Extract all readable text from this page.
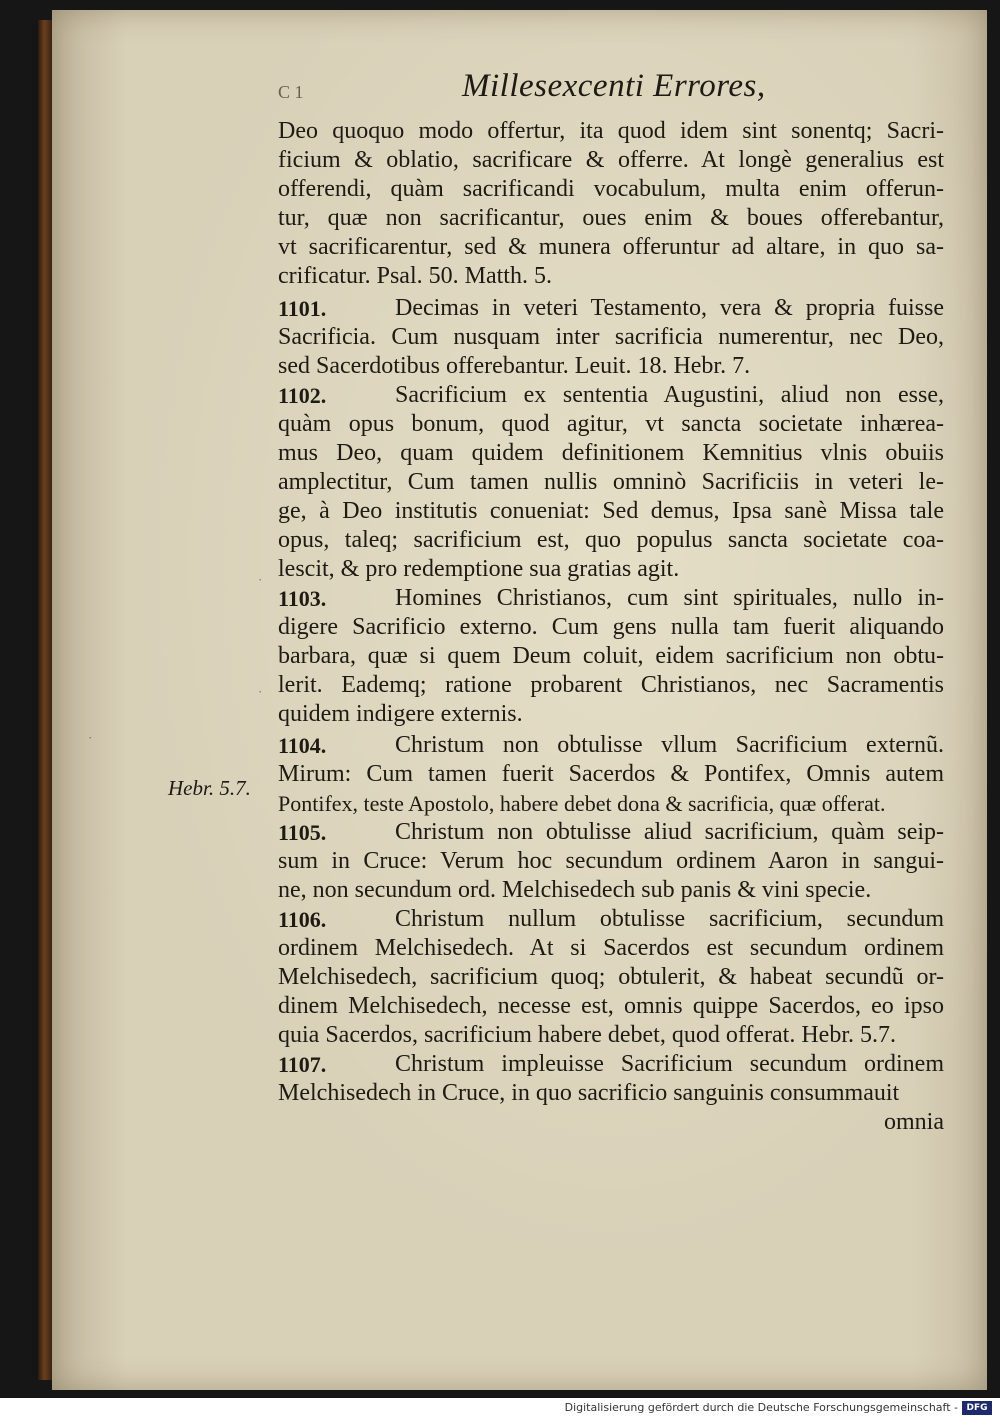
C 1	Millesexcenti Errores,
Deo quoquo modo offertur, ita quod idem sint sonentq; Sacri-
ficium & oblatio, sacrificare & offerre. At longè generalius est
offerendi, quàm sacrificandi vocabulum, multa enim offerun-
tur, quæ non sacrificantur, oues enim & boues offerebantur,
vt sacrificarentur, sed & munera offeruntur ad altare, in quo sa-
crificatur. Psal. 50. Matth. 5.
1101.	Decimas in veteri Testamento, vera & propria fuisse
Sacrificia. Cum nusquam inter sacrificia numerentur, nec Deo,
sed Sacerdotibus offerebantur. Leuit. 18. Hebr. 7.
1102.	Sacrificium ex sententia Augustini, aliud non esse,
quàm opus bonum, quod agitur, vt sancta societate inhærea-
mus Deo, quam quidem definitionem Kemnitius vlnis obuiis
amplectitur, Cum tamen nullis omninò Sacrificiis in veteri le-
ge, à Deo institutis conueniat: Sed demus, Ipsa sanè Missa tale
opus, taleq; sacrificium est, quo populus sancta societate coa-
lescit, & pro redemptione sua gratias agit.
1103.	Homines Christianos, cum sint spirituales, nullo in-
digere Sacrificio externo. Cum gens nulla tam fuerit aliquando
barbara, quæ si quem Deum coluit, eidem sacrificium non obtu-
lerit. Eademq; ratione probarent Christianos, nec Sacramentis
quidem indigere externis.
1104.	Christum non obtulisse vllum Sacrificium externũ.
Mirum: Cum tamen fuerit Sacerdos & Pontifex, Omnis autem
Pontifex, teste Apostolo, habere debet dona & sacrificia, quæ offerat.
Hebr. 5.7.
1105.	Christum non obtulisse aliud sacrificium, quàm seip-
sum in Cruce: Verum hoc secundum ordinem Aaron in sangui-
ne, non secundum ord. Melchisedech sub panis & vini specie.
1106.	Christum nullum obtulisse sacrificium, secundum
ordinem Melchisedech. At si Sacerdos est secundum ordinem
Melchisedech, sacrificium quoq; obtulerit, & habeat secundũ or-
dinem Melchisedech, necesse est, omnis quippe Sacerdos, eo ipso
quia Sacerdos, sacrificium habere debet, quod offerat. Hebr. 5.7.
1107.	Christum impleuisse Sacrificium secundum ordinem
Melchisedech in Cruce, in quo sacrificio sanguinis consummauit
omnia
·
·
·
Digitalisierung gefördert durch die Deutsche Forschungsgemeinschaft - DFG
